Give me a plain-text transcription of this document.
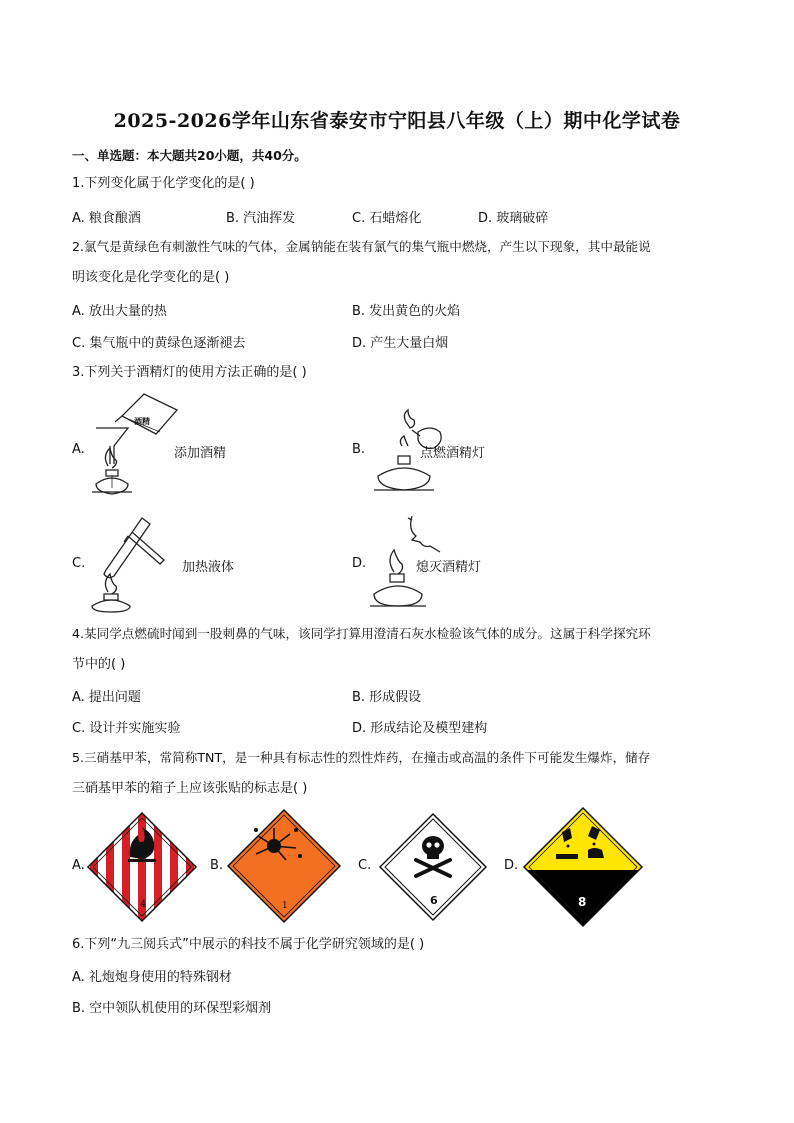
2025-2026学年山东省泰安市宁阳县八年级（上）期中化学试卷
一、单选题：本大题共20小题，共40分。
1.下列变化属于化学变化的是( )
A. 粮食酿酒	B. 汽油挥发	C. 石蜡熔化	D. 玻璃破碎
2.氯气是黄绿色有刺激性气味的气体，金属钠能在装有氯气的集气瓶中燃烧，产生以下现象，其中最能说
明该变化是化学变化的是( )
A. 放出大量的热	B. 发出黄色的火焰
C. 集气瓶中的黄绿色逐渐褪去	D. 产生大量白烟
3.下列关于酒精灯的使用方法正确的是( )
A.
酒精
添加酒精	B.	点燃酒精灯
C.	加热液体	D.	熄灭酒精灯
4.某同学点燃硫时闻到一股刺鼻的气味，该同学打算用澄清石灰水检验该气体的成分。这属于科学探究环
节中的( )
A. 提出问题	B. 形成假设
C. 设计并实施实验	D. 形成结论及模型建构
5.三硝基甲苯，常简称TNT，是一种具有标志性的烈性炸药，在撞击或高温的条件下可能发生爆炸，储存
三硝基甲苯的箱子上应该张贴的标志是( )
A.
4
B.
1
C.
6
D.
8
6.下列“九三阅兵式”中展示的科技不属于化学研究领域的是( )
A. 礼炮炮身使用的特殊钢材
B. 空中领队机使用的环保型彩烟剂
